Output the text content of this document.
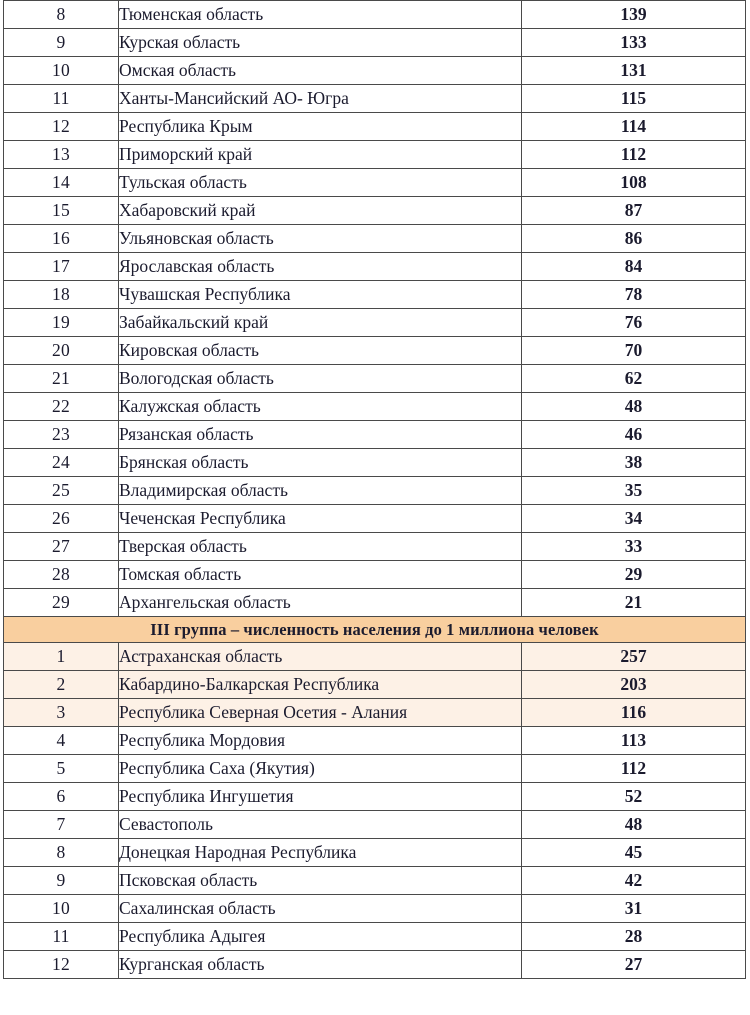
8	Тюменская область	139
9	Курская область	133
10	Омская область	131
11	Ханты-Мансийский АО- Югра	115
12	Республика Крым	114
13	Приморский край	112
14	Тульская область	108
15	Хабаровский край	87
16	Ульяновская область	86
17	Ярославская область	84
18	Чувашская Республика	78
19	Забайкальский край	76
20	Кировская область	70
21	Вологодская область	62
22	Калужская область	48
23	Рязанская область	46
24	Брянская область	38
25	Владимирская область	35
26	Чеченская Республика	34
27	Тверская область	33
28	Томская область	29
29	Архангельская область	21
III группа – численность населения до 1 миллиона человек		
1	Астраханская область	257
2	Кабардино-Балкарская Республика	203
3	Республика Северная Осетия - Алания	116
4	Республика Мордовия	113
5	Республика Саха (Якутия)	112
6	Республика Ингушетия	52
7	Севастополь	48
8	Донецкая Народная Республика	45
9	Псковская область	42
10	Сахалинская область	31
11	Республика Адыгея	28
12	Курганская область	27
